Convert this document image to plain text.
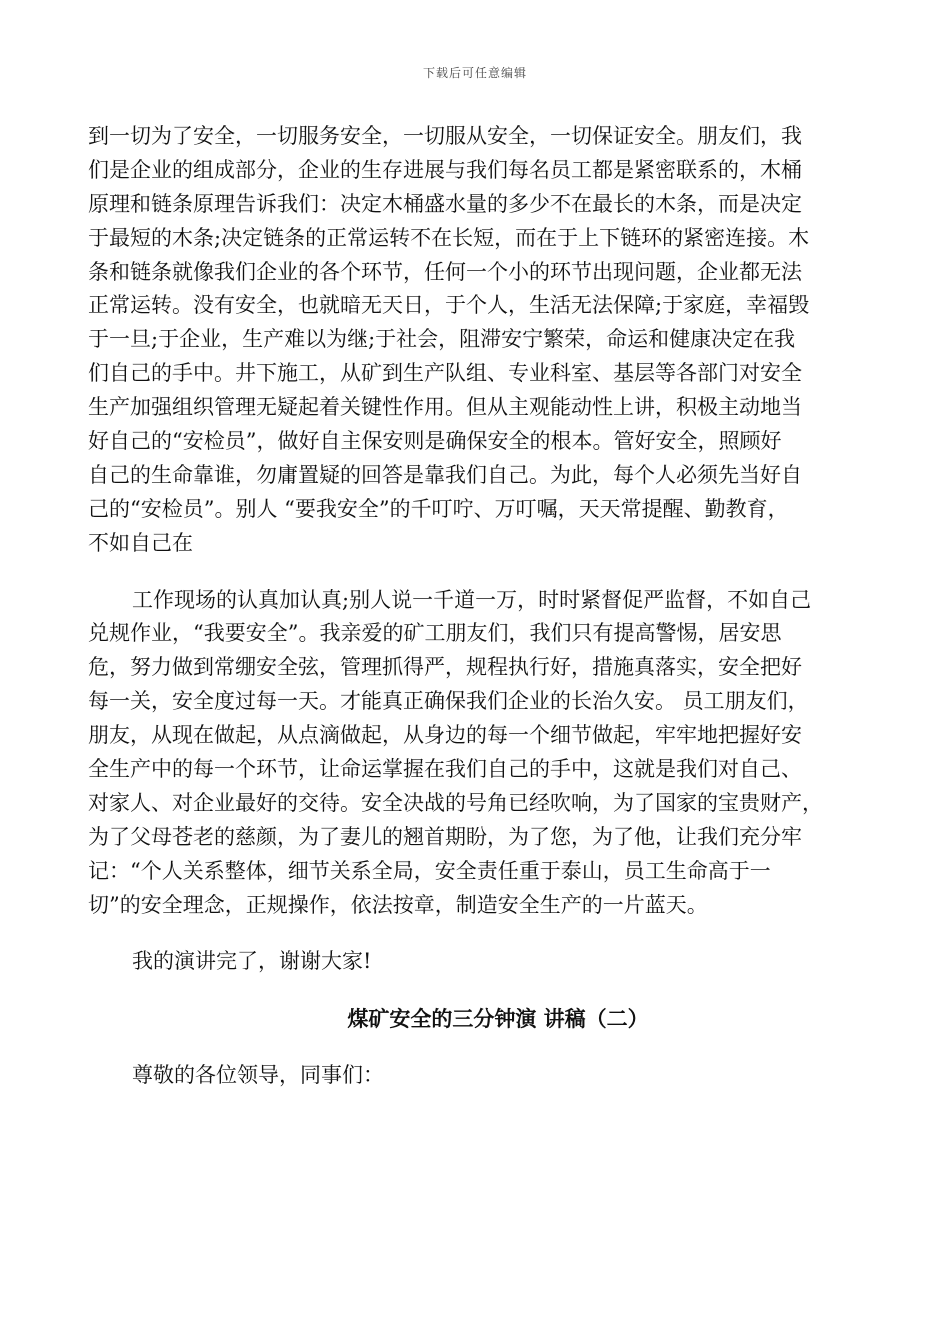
下载后可任意编辑
到一切为了安全，一切服务安全，一切服从安全，一切保证安全。朋友们，我
们是企业的组成部分，企业的生存进展与我们每名员工都是紧密联系的，木桶
原理和链条原理告诉我们：决定木桶盛水量的多少不在最长的木条，而是决定
于最短的木条;决定链条的正常运转不在长短，而在于上下链环的紧密连接。木
条和链条就像我们企业的各个环节，任何一个小的环节出现问题，企业都无法
正常运转。没有安全，也就暗无天日，于个人，生活无法保障;于家庭，幸福毁
于一旦;于企业，生产难以为继;于社会，阻滞安宁繁荣，命运和健康决定在我
们自己的手中。井下施工，从矿到生产队组、专业科室、基层等各部门对安全
生产加强组织管理无疑起着关键性作用。但从主观能动性上讲，积极主动地当
好自己的“安检员”，做好自主保安则是确保安全的根本。管好安全，照顾好
自己的生命靠谁，勿庸置疑的回答是靠我们自己。为此，每个人必须先当好自
己的“安检员”。别人 “要我安全”的千叮咛、万叮嘱，天天常提醒、勤教育，
不如自己在
工作现场的认真加认真;别人说一千道一万，时时紧督促严监督，不如自己
兑规作业，“我要安全”。我亲爱的矿工朋友们，我们只有提高警惕，居安思
危，努力做到常绷安全弦，管理抓得严，规程执行好，措施真落实，安全把好
每一关，安全度过每一天。才能真正确保我们企业的长治久安。 员工朋友们，
朋友，从现在做起，从点滴做起，从身边的每一个细节做起，牢牢地把握好安
全生产中的每一个环节，让命运掌握在我们自己的手中，这就是我们对自己、
对家人、对企业最好的交待。安全决战的号角已经吹响，为了国家的宝贵财产，
为了父母苍老的慈颜，为了妻儿的翘首期盼，为了您，为了他，让我们充分牢
记：“个人关系整体，细节关系全局，安全责任重于泰山，员工生命高于一
切”的安全理念，正规操作，依法按章，制造安全生产的一片蓝天。
我的演讲完了，谢谢大家!
煤矿安全的三分钟演 讲稿（二）
尊敬的各位领导，同事们：
